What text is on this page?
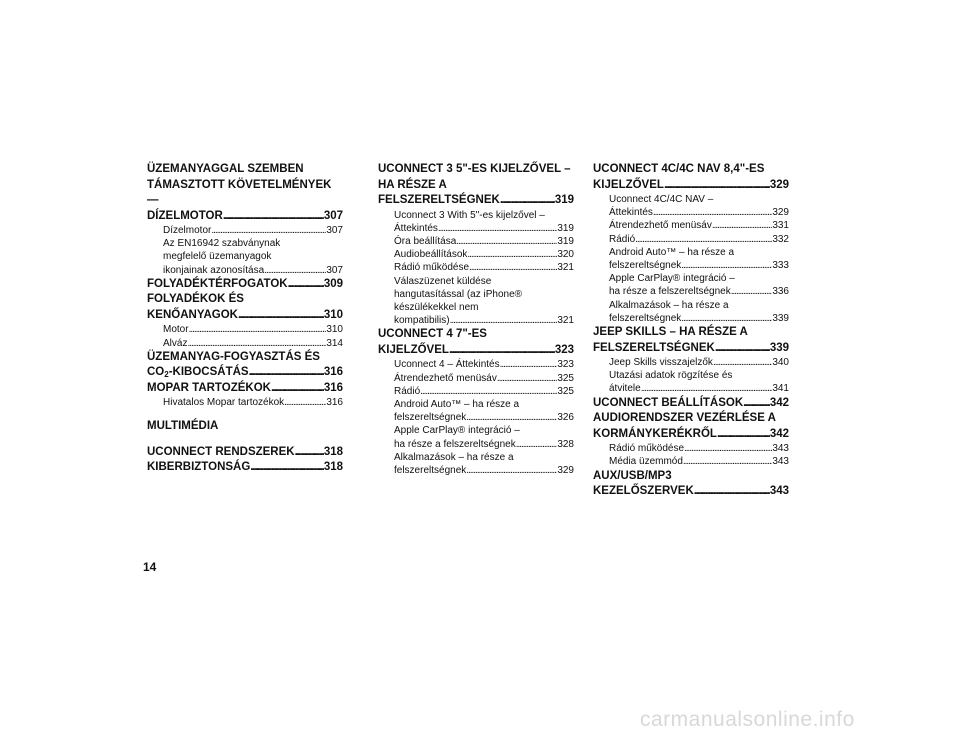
ÜZEMANYAGGAL SZEMBEN
TÁMASZTOTT KÖVETELMÉNYEK —
DÍZELMOTOR . . .	307
Dízelmotor . . .	307
Az EN16942 szabványnak
megfelelő üzemanyagok
ikonjainak azonosítása . . .	307
FOLYADÉKTÉRFOGATOK . . .	309
FOLYADÉKOK ÉS
KENŐANYAGOK . . .	310
Motor . . .	310
Alváz . . .	314
ÜZEMANYAG-FOGYASZTÁS ÉS
$CO_2$-KIBOCSÁTÁS . . .	316
MOPAR TARTOZÉKOK . . .	316
Hivatalos Mopar tartozékok . . .	316
MULTIMÉDIA
UCONNECT RENDSZEREK . . .	318
KIBERBIZTONSÁG . . .	318
UCONNECT 3 5"-ES KIJELZŐVEL –
HA RÉSZE A
FELSZERELTSÉGNEK . . .	319
Uconnect 3 With 5"-es kijelzővel –
Áttekintés . . .	319
Óra beállítása . . .	319
Audiobeállítások . . .	320
Rádió működése . . .	321
Válaszüzenet küldése
hangutasítással (az iPhone®
készülékekkel nem
kompatibilis) . . .	321
UCONNECT 4 7"-ES
KIJELZŐVEL . . .	323
Uconnect 4 – Áttekintés . . .	323
Átrendezhető menüsáv . . .	325
Rádió . . .	325
Android Auto™ – ha része a
felszereltségnek . . .	326
Apple CarPlay® integráció –
ha része a felszereltségnek . . .	328
Alkalmazások – ha része a
felszereltségnek . . .	329
UCONNECT 4C/4C NAV 8,4"-ES
KIJELZŐVEL . . .	329
Uconnect 4C/4C NAV –
Áttekintés . . .	329
Átrendezhető menüsáv . . .	331
Rádió . . .	332
Android Auto™ – ha része a
felszereltségnek . . .	333
Apple CarPlay® integráció –
ha része a felszereltségnek . . .	336
Alkalmazások – ha része a
felszereltségnek . . .	339
JEEP SKILLS – HA RÉSZE A
FELSZERELTSÉGNEK . . .	339
Jeep Skills visszajelzők . . .	340
Utazási adatok rögzítése és
átvitele . . .	341
UCONNECT BEÁLLÍTÁSOK . . . 342
AUDIORENDSZER VEZÉRLÉSE A
KORMÁNYKERÉKRŐL . . .	342
Rádió működése . . .	343
Média üzemmód . . .	343
AUX/USB/MP3
KEZELŐSZERVEK . . .	343
14
carmanualsonline.info
